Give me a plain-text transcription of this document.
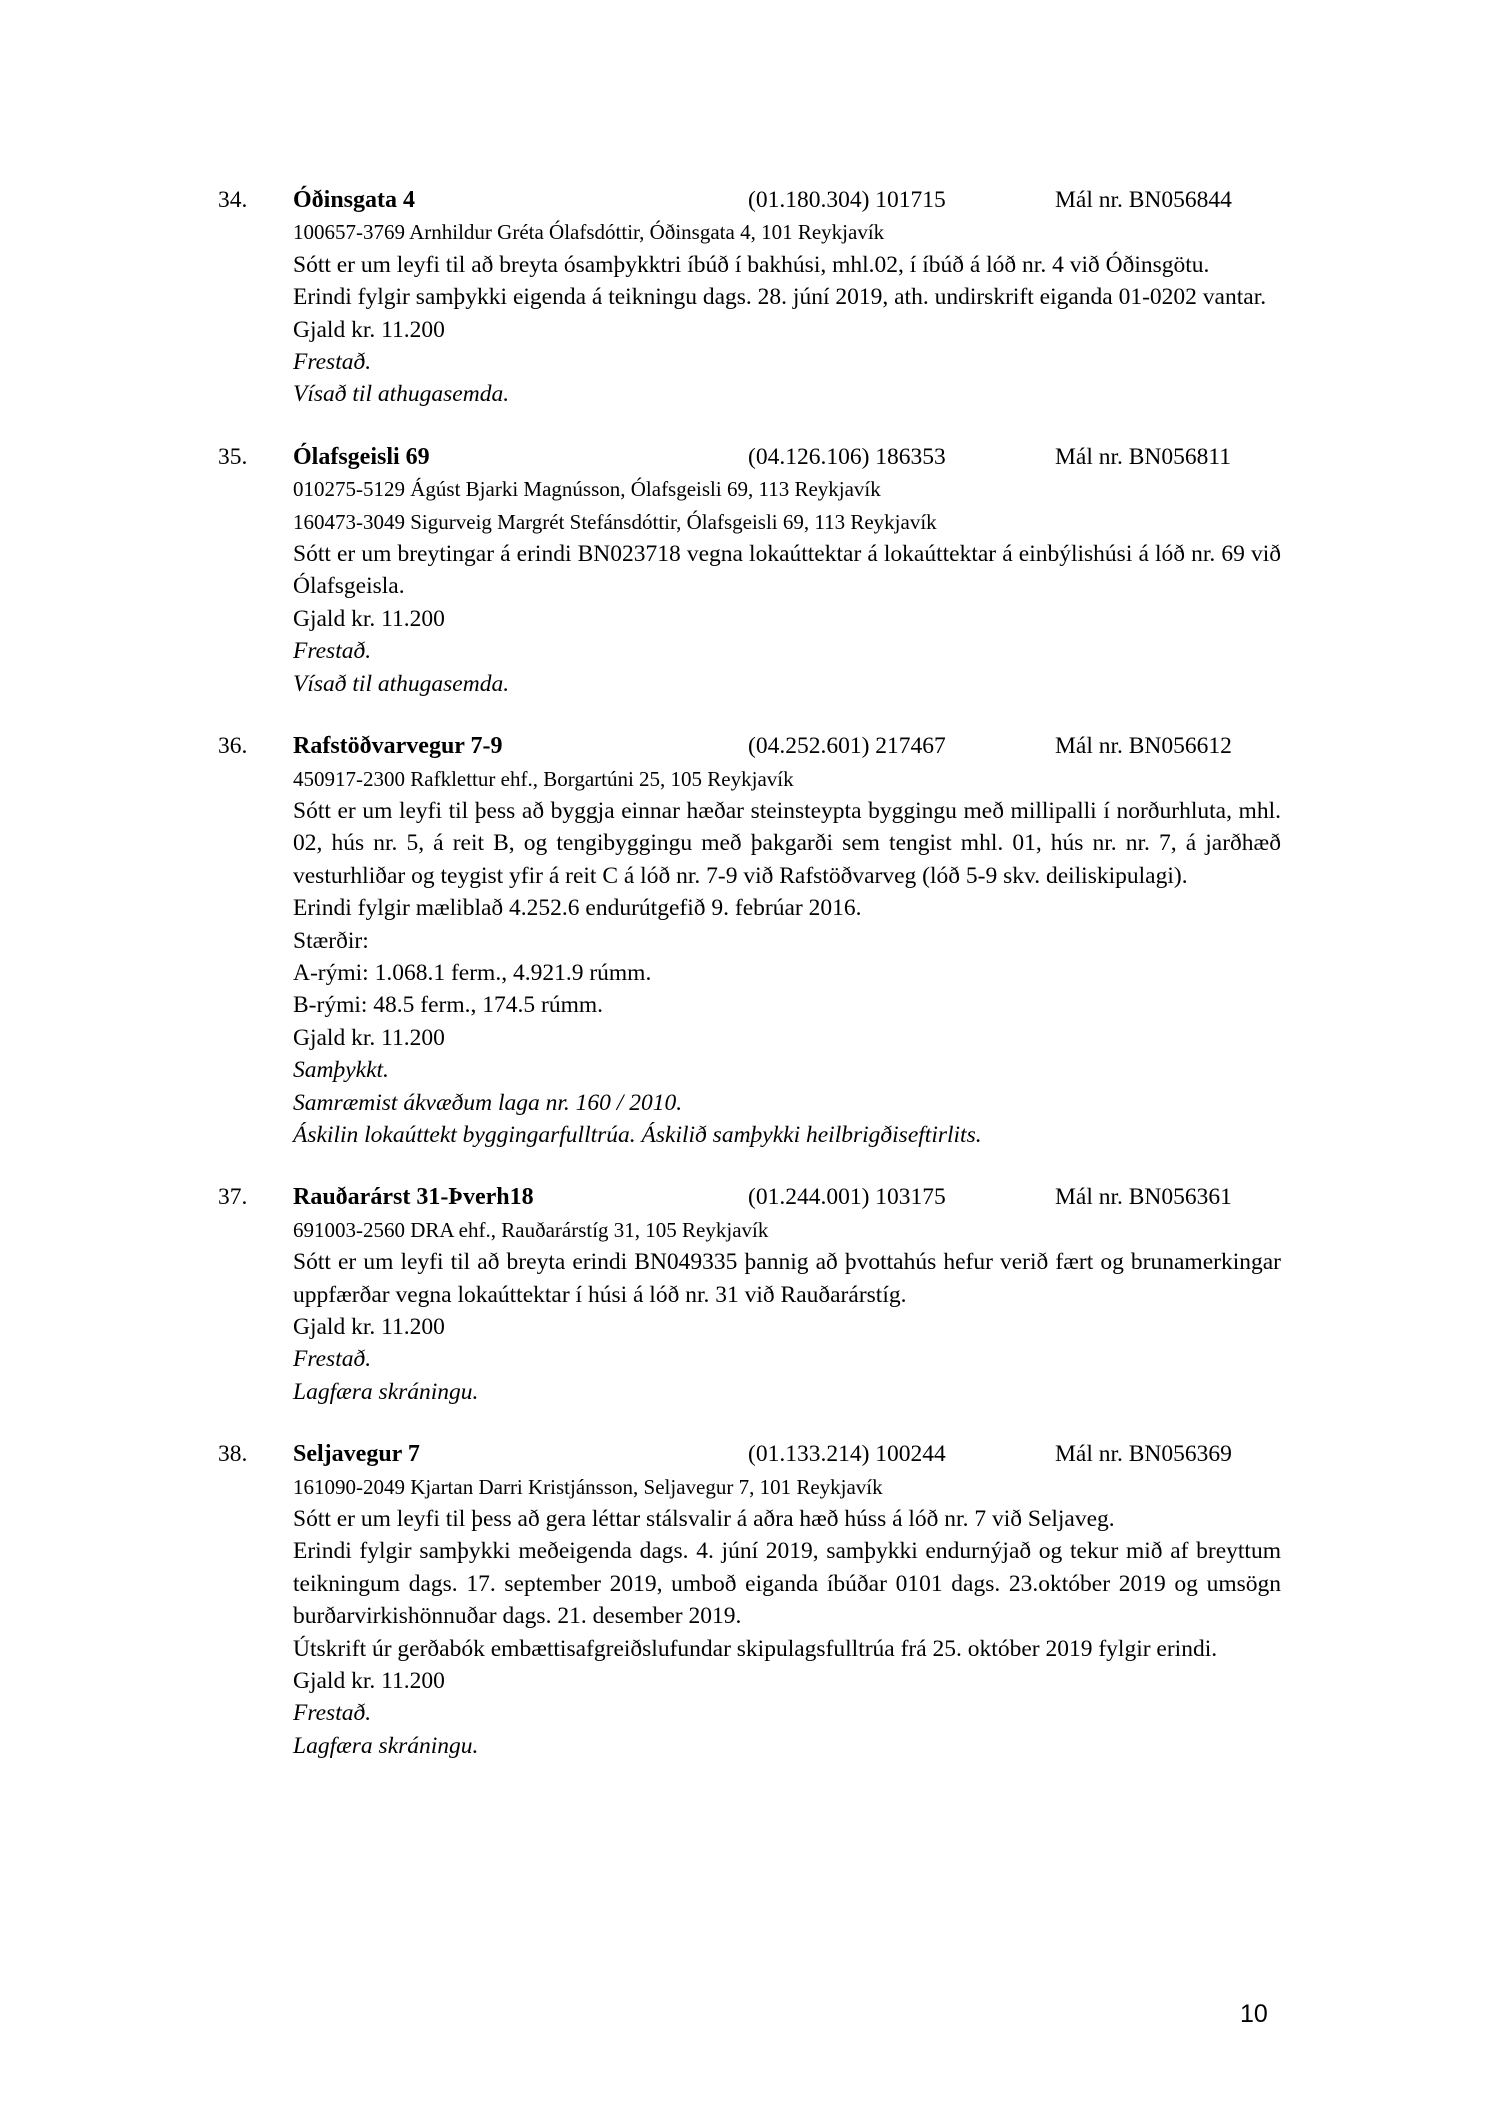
34.	Óðinsgata 4	(01.180.304) 101715	Mál nr. BN056844
100657-3769 Arnhildur Gréta Ólafsdóttir, Óðinsgata 4, 101 Reykjavík

Sótt er um leyfi til að breyta ósamþykktri íbúð í bakhúsi, mhl.02, í íbúð á lóð nr. 4 við Óðinsgötu.

Erindi fylgir samþykki eigenda á teikningu dags. 28. júní 2019, ath. undirskrift eiganda 01-0202 vantar.

Gjald kr. 11.200

Frestað.
Vísað til athugasemda.
35.	Ólafsgeisli 69	(04.126.106) 186353	Mál nr. BN056811
010275-5129 Ágúst Bjarki Magnússon, Ólafsgeisli 69, 113 Reykjavík
160473-3049 Sigurveig Margrét Stefánsdóttir, Ólafsgeisli 69, 113 Reykjavík

Sótt er um breytingar á erindi BN023718 vegna lokaúttektar á lokaúttektar á einbýlishúsi á lóð nr. 69 við Ólafsgeisla.

Gjald kr. 11.200

Frestað.
Vísað til athugasemda.
36.	Rafstöðvarvegur 7-9	(04.252.601) 217467	Mál nr. BN056612
450917-2300 Rafklettur ehf., Borgartúni 25, 105 Reykjavík

Sótt er um leyfi til þess að byggja einnar hæðar steinsteypta byggingu með millipalli í norðurhluta, mhl. 02, hús nr. 5, á reit B, og tengibyggingu með þakgarði sem tengist mhl. 01, hús nr. nr. 7, á jarðhæð vesturhliðar og teygist yfir á reit C á lóð nr. 7-9 við Rafstöðvarveg (lóð 5-9 skv. deiliskipulagi).

Erindi fylgir mæliblað 4.252.6 endurútgefið 9. febrúar 2016.

Stærðir:

A-rými: 1.068.1 ferm., 4.921.9 rúmm.

B-rými: 48.5 ferm., 174.5 rúmm.

Gjald kr. 11.200

Samþykkt.
Samræmist ákvæðum laga nr. 160 / 2010.
Áskilin lokaúttekt byggingarfulltrúa. Áskilið samþykki heilbrigðiseftirlits.
37.	Rauðarárst 31-Þverh18	(01.244.001) 103175	Mál nr. BN056361
691003-2560 DRA ehf., Rauðarárstíg 31, 105 Reykjavík

Sótt er um leyfi til að breyta erindi BN049335 þannig að þvottahús hefur verið fært og brunamerkingar uppfærðar vegna lokaúttektar í húsi á lóð nr. 31 við Rauðarárstíg.

Gjald kr. 11.200

Frestað.
Lagfæra skráningu.
38.	Seljavegur 7	(01.133.214) 100244	Mál nr. BN056369
161090-2049 Kjartan Darri Kristjánsson, Seljavegur 7, 101 Reykjavík

Sótt er um leyfi til þess að gera léttar stálsvalir á aðra hæð húss á lóð nr. 7 við Seljaveg.

Erindi fylgir samþykki meðeigenda dags. 4. júní 2019, samþykki endurnýjað og tekur mið af breyttum teikningum dags. 17. september 2019, umboð eiganda íbúðar 0101 dags. 23.október 2019 og umsögn burðarvirkishönnuðar dags. 21. desember 2019.

Útskrift úr gerðabók embættisafgreiðslufundar skipulagsfulltrúa frá 25. október 2019 fylgir erindi.

Gjald kr. 11.200

Frestað.
Lagfæra skráningu.
10
